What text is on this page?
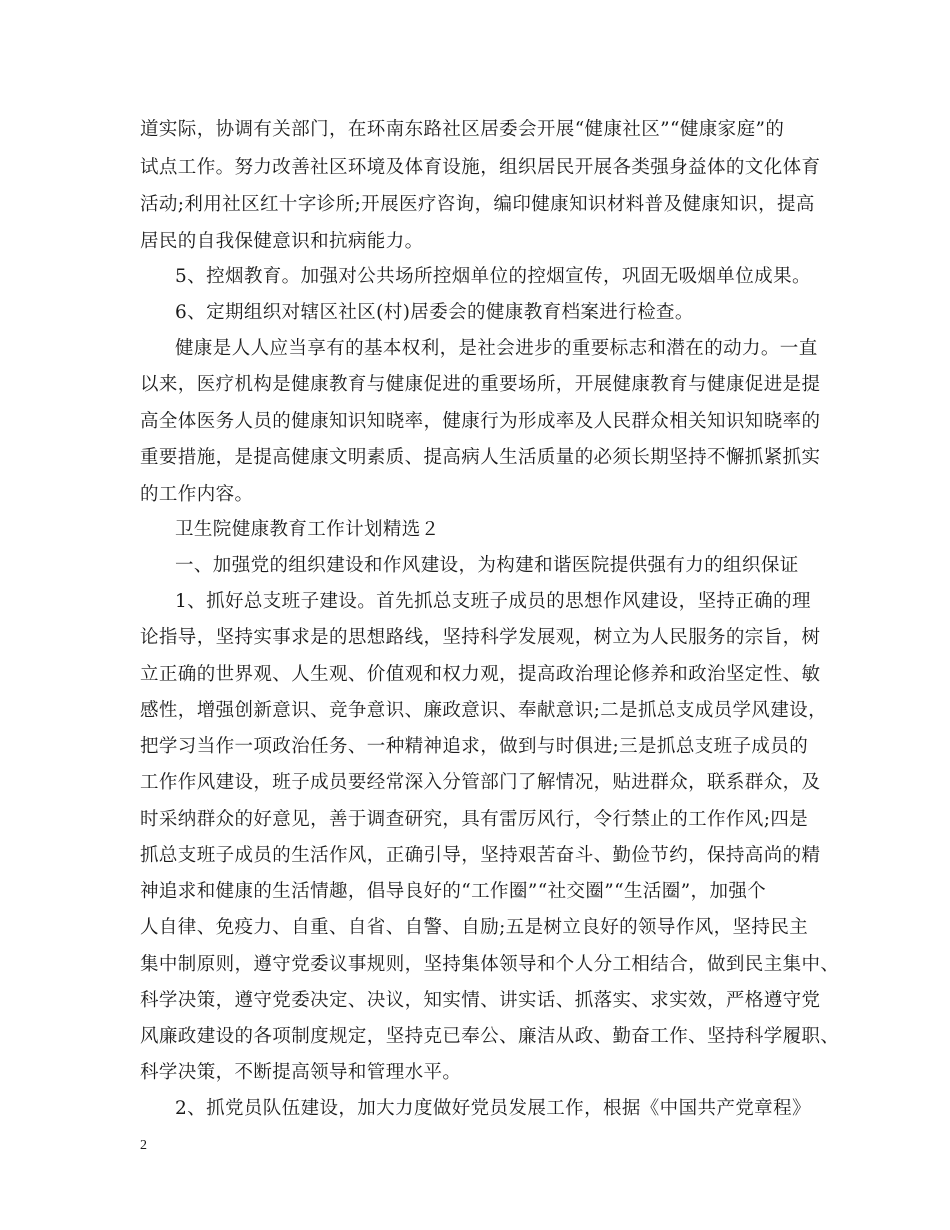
道实际，协调有关部门，在环南东路社区居委会开展“健康社区”“健康家庭”的
试点工作。努力改善社区环境及体育设施，组织居民开展各类强身益体的文化体育
活动;利用社区红十字诊所;开展医疗咨询，编印健康知识材料普及健康知识，提高
居民的自我保健意识和抗病能力。
5、控烟教育。加强对公共场所控烟单位的控烟宣传，巩固无吸烟单位成果。
6、定期组织对辖区社区(村)居委会的健康教育档案进行检查。
健康是人人应当享有的基本权利，是社会进步的重要标志和潜在的动力。一直
以来，医疗机构是健康教育与健康促进的重要场所，开展健康教育与健康促进是提
高全体医务人员的健康知识知晓率，健康行为形成率及人民群众相关知识知晓率的
重要措施，是提高健康文明素质、提高病人生活质量的必须长期坚持不懈抓紧抓实
的工作内容。
卫生院健康教育工作计划精选２
一、加强党的组织建设和作风建设，为构建和谐医院提供强有力的组织保证
1、抓好总支班子建设。首先抓总支班子成员的思想作风建设，坚持正确的理
论指导，坚持实事求是的思想路线，坚持科学发展观，树立为人民服务的宗旨，树
立正确的世界观、人生观、价值观和权力观，提高政治理论修养和政治坚定性、敏
感性，增强创新意识、竞争意识、廉政意识、奉献意识;二是抓总支成员学风建设，
把学习当作一项政治任务、一种精神追求，做到与时俱进;三是抓总支班子成员的
工作作风建设，班子成员要经常深入分管部门了解情况，贴进群众，联系群众，及
时采纳群众的好意见，善于调查研究，具有雷厉风行，令行禁止的工作作风;四是
抓总支班子成员的生活作风，正确引导，坚持艰苦奋斗、勤俭节约，保持高尚的精
神追求和健康的生活情趣，倡导良好的“工作圈”“社交圈”“生活圈”，加强个
人自律、免疫力、自重、自省、自警、自励;五是树立良好的领导作风，坚持民主
集中制原则，遵守党委议事规则，坚持集体领导和个人分工相结合，做到民主集中、
科学决策，遵守党委决定、决议，知实情、讲实话、抓落实、求实效，严格遵守党
风廉政建设的各项制度规定，坚持克已奉公、廉洁从政、勤奋工作、坚持科学履职、
科学决策，不断提高领导和管理水平。
2、抓党员队伍建设，加大力度做好党员发展工作，根据《中国共产党章程》
2
